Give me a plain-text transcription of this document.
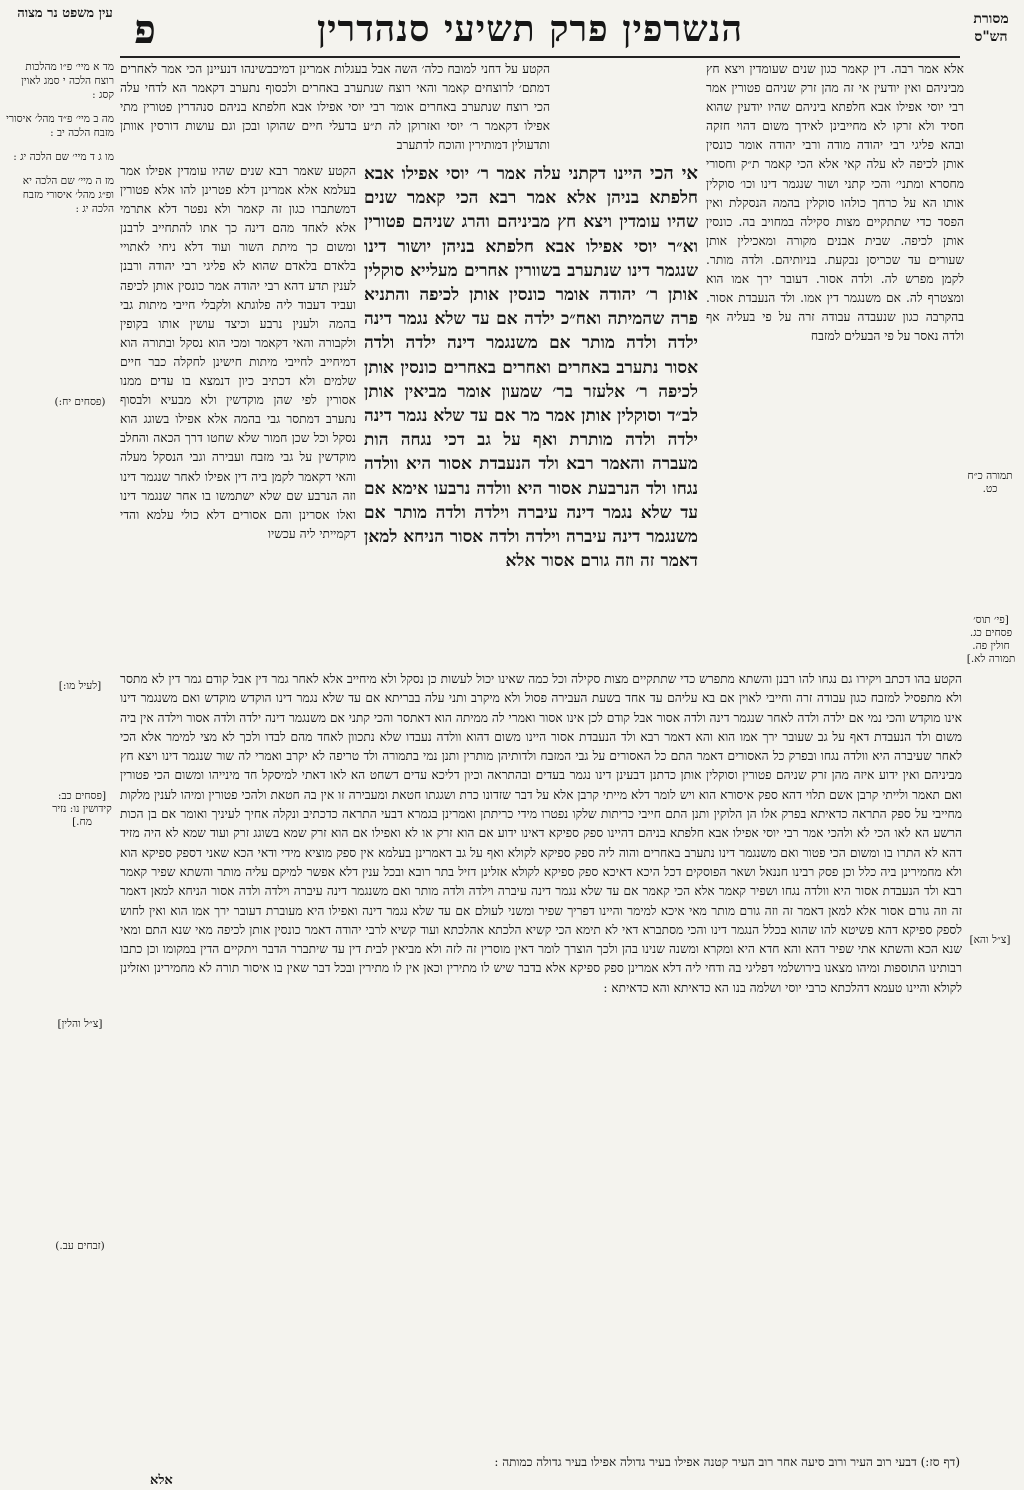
הנשרפין פרק תשיעי סנהדרין	מסורת הש"ס
עין משפט נר מצוה פ
מד א מיי׳ פ״ו מהלכות רוצח הלכה י סמג לאוין קסג :
מה ב מיי׳ פ״ד מהל׳ איסורי מזבח הלכה יב :
מו ג ד מיי׳ שם הלכה יג :
מז ה מיי׳ שם הלכה יא ופ״ג מהל׳ איסורי מזבח הלכה יג :
(פסחים יח:)
[לעיל מו:]
[פסחים כב: קידושין נו: נזיר מח.]
[צ״ל והלין]
(זבחים עב.)
תמורה כ״ח כט.
[פי׳ תוס׳ פסחים כג. חולין פה. תמורה לא.]
[צ״ל והא]
אלא אמר רבה. דין קאמר כגון שנים שעומדין ויצא חץ מביניהם ואין יודעין אי זה מהן זרק שניהם פטורין אמר רבי יוסי אפילו אבא חלפתא ביניהם שהיו יודעין שהוא חסיד ולא זרקו לא מחייבינן לאידך משום דהוי חזקה ובהא פליגי רבי יהודה מודה ורבי יהודה אומר כונסין אותן לכיפה לא עלה קאי אלא הכי קאמר ת״ק וחסורי מחסרא ומתני׳ והכי קתני ושור שנגמר דינו וכו׳ סוקלין אותו הא על כרחך כולהו סוקלין בהמה הנסקלת ואין הפסד כדי שתתקיים מצות סקילה במחויב בה. כונסין אותן לכיפה. שבית אבנים מקורה ומאכילין אותן שעורים עד שכריסן נבקעת. בניותיהם. ולדה מותר. לקמן מפרש לה. ולדה אסור. דעובר ירך אמו הוא ומצטרף לה. אם משנגמר דין אמו. ולד הנעבדת אסור. בהקרבה כגון שנעבדה עבודה זרה על פי בעליה אף ולדה נאסר על פי הבעלים למזבח
הקטע על דחני למובח כלה׳ השה אבל בעגלות אמרינן דמיכבשינהו דנעיינן הכי אמר לאחרים דמתם׳ לרוצחים קאמר והאי רוצח שנתערב באחרים ולכסוף נתערב דקאמר הא לדחי עלה הכי רוצח שנתערב באחרים אומר רבי יוסי אפילו אבא חלפתא בניהם סנהדרין פטורין מתי אפילו דקאמר ר׳ יוסי ואזרוקן לה ת״ע בדעלי חיים שהוקו ובכן וגם עושות דורסין אוותן ותדעולין דמותירין והוכח לדתערב
הקטע שאמר רבא שנים שהיו עומדין אפילו אמר בעלמא אלא אמרינן דלא פטרינן להו אלא פטורין דמשתברו כגון זה קאמר ולא נפטר דלא אתרמי אלא לאחד מהם דינה כך אתו להתחייב לרבנן ומשום כך מיתת השור ועוד דלא ניחי לאתויי בלאדם בלאדם שהוא לא פליגי רבי יהודה ורבנן לענין תדע דהא רבי יהודה אמר כונסין אותן לכיפה ועביד דעבוד ליה פלוגתא ולקבלי חייבי מיתות גבי בהמה ולענין נרבע וכיצד עושין אותו בקופין ולקבורה והאי דקאמר ומכי הוא נסקל ובתורה הוא דמיחייב לחייבי מיתות חישינן לחקלה כבר חיים שלמים ולא דכתיב כיון דנמצא בו עדים ממנו אסורין לפי שהן מוקדשין ולא מבעיא ולבסוף נתערב דמתסר גבי בהמה אלא אפילו בשוגג הוא נסקל וכל שכן חמור שלא שחטו דרך הכאה והחלב מוקדשין על גבי מזבח ועבירה וגבי הנסקל מעלה והאי דקאמר לקמן ביה דין אפילו לאחר שנגמר דינו וזה הנרבע שם שלא ישתמשו בו אחר שנגמר דינו ואלו אסרינן והם אסורים דלא כולי עלמא והדי דקמייתי ליה עכשיו
אי הכי היינו דקתני עלה אמר ר׳ יוסי אפילו אבא חלפתא בניהן אלא אמר רבא הכי קאמר שנים שהיו עומדין ויצא חץ מביניהם והרג שניהם פטורין וא״ר יוסי אפילו אבא חלפתא בניהן יושור דינו שנגמר דינו שנתערב בשוורין אחרים מעלייא סוקלין אותן ר׳ יהודה אומר כונסין אותן לכיפה והתניא פרה שהמיתה ואח״כ ילדה אם עד שלא נגמר דינה ילדה ולדה מותר אם משנגמר דינה ילדה ולדה אסור נתערב באחרים ואחרים באחרים כונסין אותן לכיפה ר׳ אלעזר בר׳ שמעון אומר מביאין אותן לב״ד וסוקלין אותן אמר מר אם עד שלא נגמר דינה ילדה ולדה מותרת ואף על גב דכי נגחה הות מעברה והאמר רבא ולד הנעבדת אסור היא וולדה נגחו ולד הנרבעת אסור היא וולדה נרבעו אימא אם עד שלא נגמר דינה עיברה וילדה ולדה מותר אם משנגמר דינה עיברה וילדה ולדה אסור הניחא למאן דאמר זה וזה גורם אסור אלא
הקטע בהו דכתב ויקירו גם נגחו להו רבנן והשתא מתפרש כדי שתתקיים מצות סקילה וכל כמה שאינו יכול לעשות כן נסקל ולא מיחייב אלא לאחר גמר דין אבל קודם גמר דין לא מתסר ולא מתפסיל למזבח כגון עבודה זרה וחייבי לאוין אם בא עליהם עד אחד בשעת העבירה פסול ולא מיקרב ותני עלה בבריתא אם עד שלא נגמר דינו הוקדש מוקדש ואם משנגמר דינו אינו מוקדש והכי נמי אם ילדה ולדה לאחר שנגמר דינה ולדה אסור אבל קודם לכן אינו אסור ואמרי לה ממיתה הוא דאתסר והכי קתני אם משנגמר דינה ילדה ולדה אסור וילדה אין ביה משום ולד הנעבדת דאף על גב שעובר ירך אמו הוא והא דאמר רבא ולד הנעבדת אסור היינו משום דהוא וולדה נעבדו שלא נתכוון לאחד מהם לבדו ולכך לא מצי למימר אלא הכי לאחר שעיברה היא וולדה נגחו ובפרק כל האסורים דאמר התם כל האסורים על גבי המזבח ולדותיהן מותרין ותנן נמי בתמורה ולד טריפה לא יקרב ואמרי לה שור שנגמר דינו ויצא חץ מביניהם ואין ידוע איזה מהן זרק שניהם פטורין וסוקלין אותן כדתנן דבעינן דינו נגמר בעדים ובהתראה וכיון דליכא עדים דשחט הא לאו דאתי למיסקל חד מינייהו ומשום הכי פטורין ואם תאמר ולייתי קרבן אשם תלוי דהא ספק איסורא הוא ויש לומר דלא מייתי קרבן אלא על דבר שזדונו כרת ושגגתו חטאת ומעבירה זו אין בה חטאת ולהכי פטורין ומיהו לענין מלקות מחייבי על ספק התראה כדאיתא בפרק אלו הן הלוקין ותנן התם חייבי כריתות שלקו נפטרו מידי כריתתן ואמרינן בגמרא דבעי התראה כדכתיב ונקלה אחיך לעיניך ואומר אם בן הכות הרשע הא לאו הכי לא ולהכי אמר רבי יוסי אפילו אבא חלפתא בניהם דהיינו ספק ספיקא דאינו ידוע אם הוא זרק או לא ואפילו אם הוא זרק שמא בשוגג זרק ועוד שמא לא היה מזיד דהא לא התרו בו ומשום הכי פטור ואם משנגמר דינו נתערב באחרים והוה ליה ספק ספיקא לקולא ואף על גב דאמרינן בעלמא אין ספק מוציא מידי ודאי הכא שאני דספק ספיקא הוא ולא מחמירינן ביה כלל וכן פסק רבינו חננאל ושאר הפוסקים דכל היכא דאיכא ספק ספיקא לקולא אזלינן דזיל בתר רובא ובכל ענין דלא אפשר למיקם עליה מותר והשתא שפיר קאמר רבא ולד הנעבדת אסור היא וולדה נגחו ושפיר קאמר אלא הכי קאמר אם עד שלא נגמר דינה עיברה וילדה ולדה מותר ואם משנגמר דינה עיברה וילדה ולדה אסור הניחא למאן דאמר זה וזה גורם אסור אלא למאן דאמר זה וזה גורם מותר מאי איכא למימר והיינו דפריך שפיר ומשני לעולם אם עד שלא נגמר דינה ואפילו היא מעוברת דעובר ירך אמו הוא ואין לחוש לספק ספיקא דהא פשיטא להו שהוא בכלל הנגמר דינו והכי מסתברא דאי לא תימא הכי קשיא הלכתא אהלכתא ועוד קשיא לרבי יהודה דאמר כונסין אותן לכיפה מאי שנא התם ומאי שנא הכא והשתא אתי שפיר דהא והא חדא היא ומקרא ומשנה שנינו בהן ולכך הוצרך לומר דאין מוסרין זה לזה ולא מביאין לבית דין עד שיתברר הדבר ויתקיים הדין במקומו וכן כתבו רבותינו התוספות ומיהו מצאנו בירושלמי דפליגי בה ודחי ליה דלא אמרינן ספק ספיקא אלא בדבר שיש לו מתירין וכאן אין לו מתירין ובכל דבר שאין בו איסור תורה לא מחמירינן ואזלינן לקולא והיינו טעמא דהלכתא כרבי יוסי ושלמה בנו הא כדאיתא והא כדאיתא :
(דף סז:) דבעי רוב העיר ורוב סיעה אחר רוב העיר קטנה אפילו בעיר גדולה אפילו בעיר גדולה כמותה :
אלא
